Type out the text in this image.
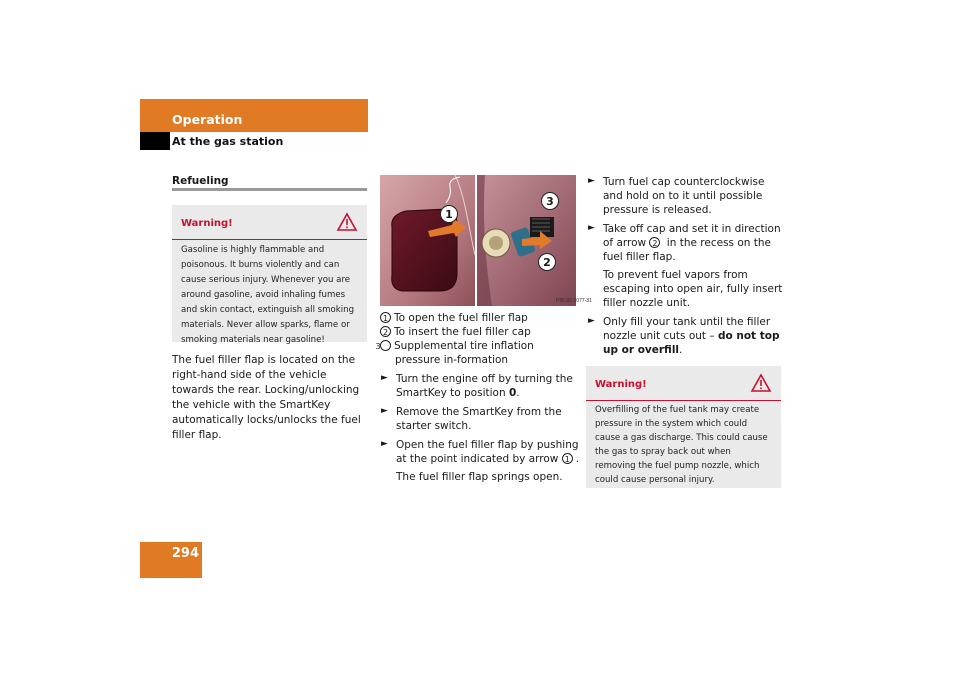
Operation
At the gas station
Refueling
Warning!
Gasoline is highly flammable and poisonous. It burns violently and can cause serious injury. Whenever you are around gasoline, avoid inhaling fumes and skin contact, extinguish all smoking materials. Never allow sparks, flame or smoking materials near gasoline!
The fuel filler flap is located on the right-hand side of the vehicle towards the rear. Locking/unlocking the vehicle with the SmartKey automatically locks/unlocks the fuel filler flap.
P86.80-2077-31
1
3
2
1 To open the fuel filler flap
2 To insert the fuel filler cap
3 Supplemental tire inflation pressure in-formation
► Turn the engine off by turning the SmartKey to position 0.
► Remove the SmartKey from the starter switch.
► Open the fuel filler flap by pushing at the point indicated by arrow 1 .
The fuel filler flap springs open.
► Turn fuel cap counterclockwise and hold on to it until possible pressure is released.
► Take off cap and set it in direction of arrow 2 in the recess on the fuel filler flap.
To prevent fuel vapors from escaping into open air, fully insert filler nozzle unit.
► Only fill your tank until the filler nozzle unit cuts out – do not top up or overfill.
Warning!
Overfilling of the fuel tank may create pressure in the system which could cause a gas discharge. This could cause the gas to spray back out when removing the fuel pump nozzle, which could cause personal injury.
294
